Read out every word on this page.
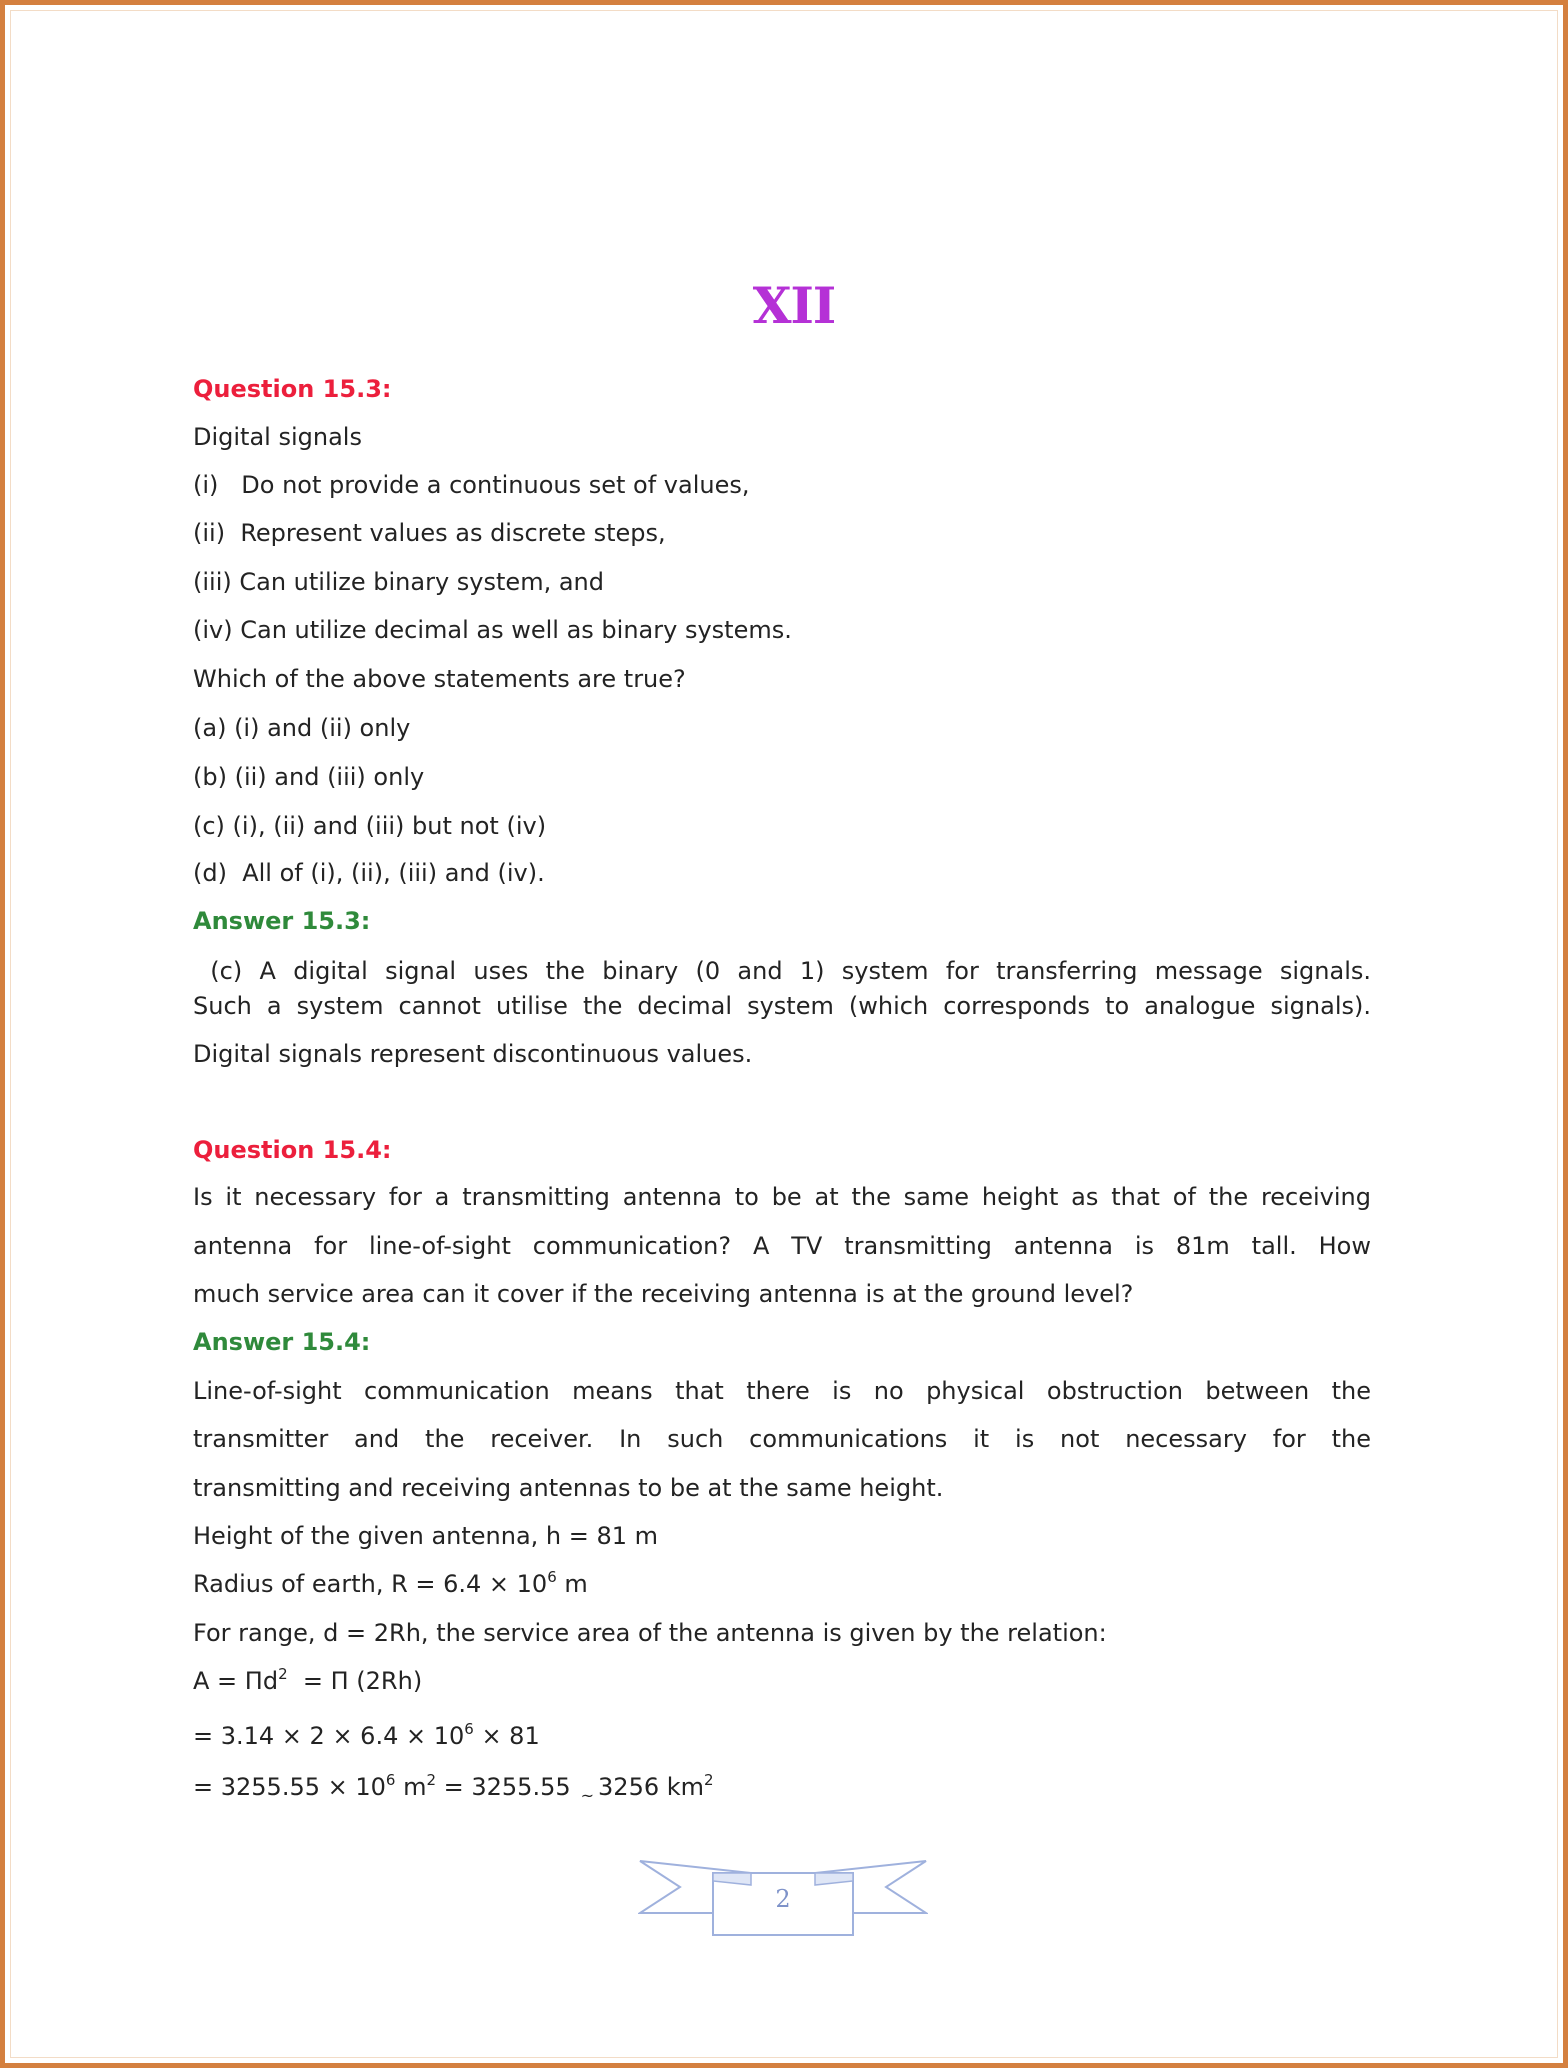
XII
Question 15.3:
Digital signals
(i)   Do not provide a continuous set of values,
(ii)  Represent values as discrete steps,
(iii) Can utilize binary system, and
(iv) Can utilize decimal as well as binary systems.
Which of the above statements are true?
(a) (i) and (ii) only
(b) (ii) and (iii) only
(c) (i), (ii) and (iii) but not (iv)
(d)  All of (i), (ii), (iii) and (iv).
Answer 15.3:
(c) A digital signal uses the binary (0 and 1) system for transferring message signals.
Such a system cannot utilise the decimal system (which corresponds to analogue signals).
Digital signals represent discontinuous values.
Question 15.4:
Is it necessary for a transmitting antenna to be at the same height as that of the receiving
antenna for line-of-sight communication? A TV transmitting antenna is 81m tall. How
much service area can it cover if the receiving antenna is at the ground level?
Answer 15.4:
Line-of-sight communication means that there is no physical obstruction between the
transmitter and the receiver. In such communications it is not necessary for the
transmitting and receiving antennas to be at the same height.
Height of the given antenna, h = 81 m
Radius of earth, $R = 6.4 \times 10^6$ m
For range, d = 2Rh, the service area of the antenna is given by the relation:
$A = \Pi d^2 = \Pi$ (2Rh)
= $3.14 \times 2 \times 6.4 \times 10^6 \times 81$
= $3255.55 \times 10^6$ $m^2 = 3255.55$ $_\sim$ 3256 $km^2$
2
